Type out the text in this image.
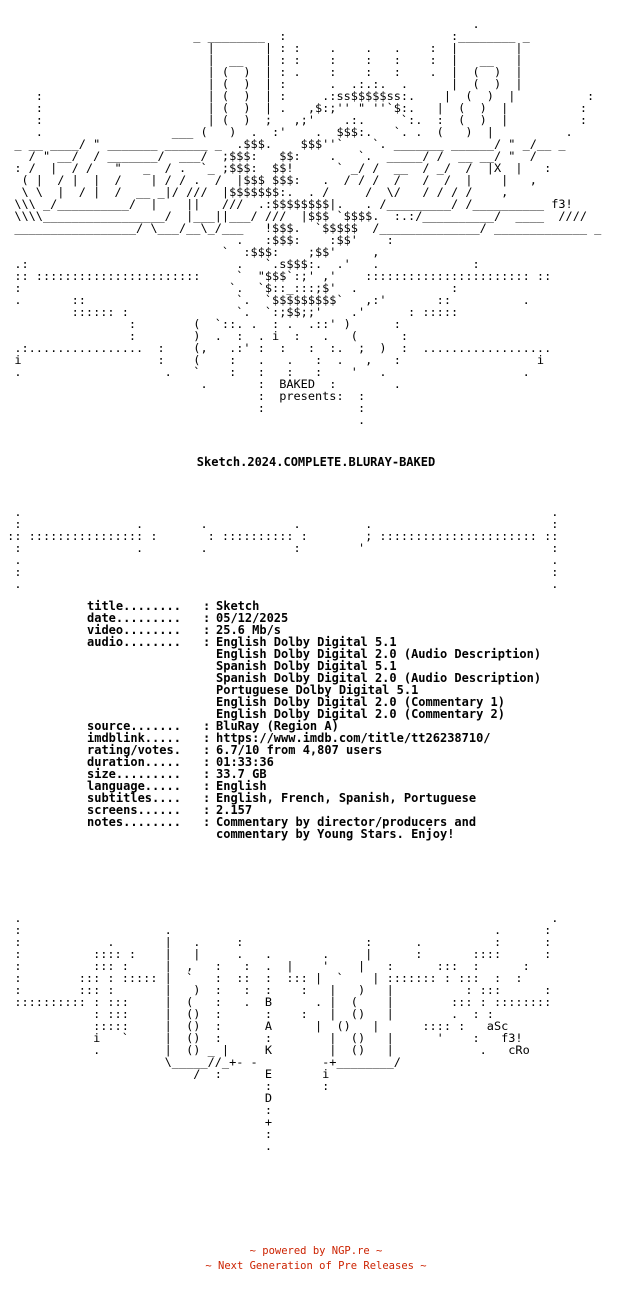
.
_ ________  :                       :________ _
|       | : :    .    .   .    :  |        |
|  __   | : :    :    :   :    :  |   __   |
| (  )  | : .    :    :   :    .  |  (  )  |
| (  )  | :      .  .:.:.  .      |  (  )  |
:                       | (  )  | :     .:ss$$$$$ss:.    |  (  )  |          :
:                       | (  )  | .   ,$:;'' " ''`$:.   |  (  )  |          :
:                       | (  )  ;   ,;'    .:.     `:.  :  (  )  |          :
.                  ___ (   )  .  :'    .  $$$:.   `. .  (   )  |          .
_ __ ____/ " _______ ______ _  .$$$.    $$$''`    `. _______ ______/ " _/__ _
/ " __/  / _______/  ___/  ;$$$:   $$:    .   `.  _____/ /  __ __/ "  /
: /  |  / /   "   _  / .  `_ ;$$$:  $$!      ` _/ /  __  / _/  /  |X  |   :
( |  / |  |  /    | / / .  /  |$$$ $$$:   .  / / /  /   /  /  |    |   ,
\ \  |  / |  /  __ _|/ ///  |$$$$$$$:.  . /     /  \/   / / / /    ,
\\\ _/__________/  |    ||   ///  .:$$$$$$$$|.   . /_________/ /__________ f3!
\\\\_________________/  |___||___/ ///  |$$$ `$$$$.  :.:/__________/  ____  ////
_________________/ \___/__\_/___   !$$$.  `$$$$$  /______________/ _____________ _
.   :$$$:    :$$'    :
`  :$$$:    ;$$'     ,
.:                             .   `.s$$$:.  .'   .             :
:: :::::::::::::::::::::::     `  "$$$`:;' ,'    ::::::::::::::::::::::: ::
:                             `.  `$::_:::;$'  .             :
.       ::                     `.  `$$$$$$$$$`   ,:'       ::          .
:::::: :               `.  `:;$$;;'    .'      : :::::
:        (  `::. .  : .  .::' )      :
:        )  .  :  . i  :   .   (      :
.:................  :    (,   .:' :  :   :  :.  ;  )  :  ..................
i                   :    (    :   .   .   :  .   ,   :                   i
.                    .   `    :   :   :   :    '   .                   .
.       :  BAKED  :        .
:  presents:  :
:             :
.
Sketch.2024.COMPLETE.BLURAY-BAKED
.                                                                          .
:                .        .            .         .                         :
:: :::::::::::::::: :       : :::::::::: :        ; :::::::::::::::::::::: ::
:                .        .            :        '                          :
.                                                                          .
:                                                                          :
.                                                                          .
title........	: Sketch
date.........	: 05/12/2025
video........	: 25.6 Mb/s
audio........	: English Dolby Digital 5.1
English Dolby Digital 2.0 (Audio Description)
Spanish Dolby Digital 5.1
Spanish Dolby Digital 2.0 (Audio Description)
Portuguese Dolby Digital 5.1
English Dolby Digital 2.0 (Commentary 1)
English Dolby Digital 2.0 (Commentary 2)
source.......	: BluRay (Region A)
imdblink.....	: https://www.imdb.com/title/tt26238710/
rating/votes.	: 6.7/10 from 4,807 users
duration.....	: 01:33:36
size.........	: 33.7 GB
language.....	: English
subtitles....	: English, French, Spanish, Portuguese
screens......	: 2.157
notes........	: Commentary by director/producers and
commentary by Young Stars. Enjoy!
.                                                                          .
:                    .                                             .      :
:            .       |   .     :                 :      .          :      :
:          :::: :    |   |     .   .       .     |      :       ::::      :
:          ::: :     |  ,   :   :  .  |    '    |   :      :::  :      :
:        ::: : ::::: |  `   :  ::  :  ::: |  `    | ::::::: : :::  :  :
:        ::: :       |   )  :   :  :    :   |   )   |          : :::      :
:::::::::: : :::     |  (   :   .  B      . |  (    |        ::: : ::::::::
: :::     |  ()  :      :    :   |  ()   |        .  : :
:::::     |  ()  :      A      |  ()   |      :::: :   aSc
i   `     |  ()  :      :        |  ()   |      '    :   f3!
.         |  () _ |     K        |  ()   |            .   cRo
\_____//_+- -         -+________/
/  :      E       i
:       :
D
:
+
:
.
~ powered by NGP.re ~
~ Next Generation of Pre Releases ~
